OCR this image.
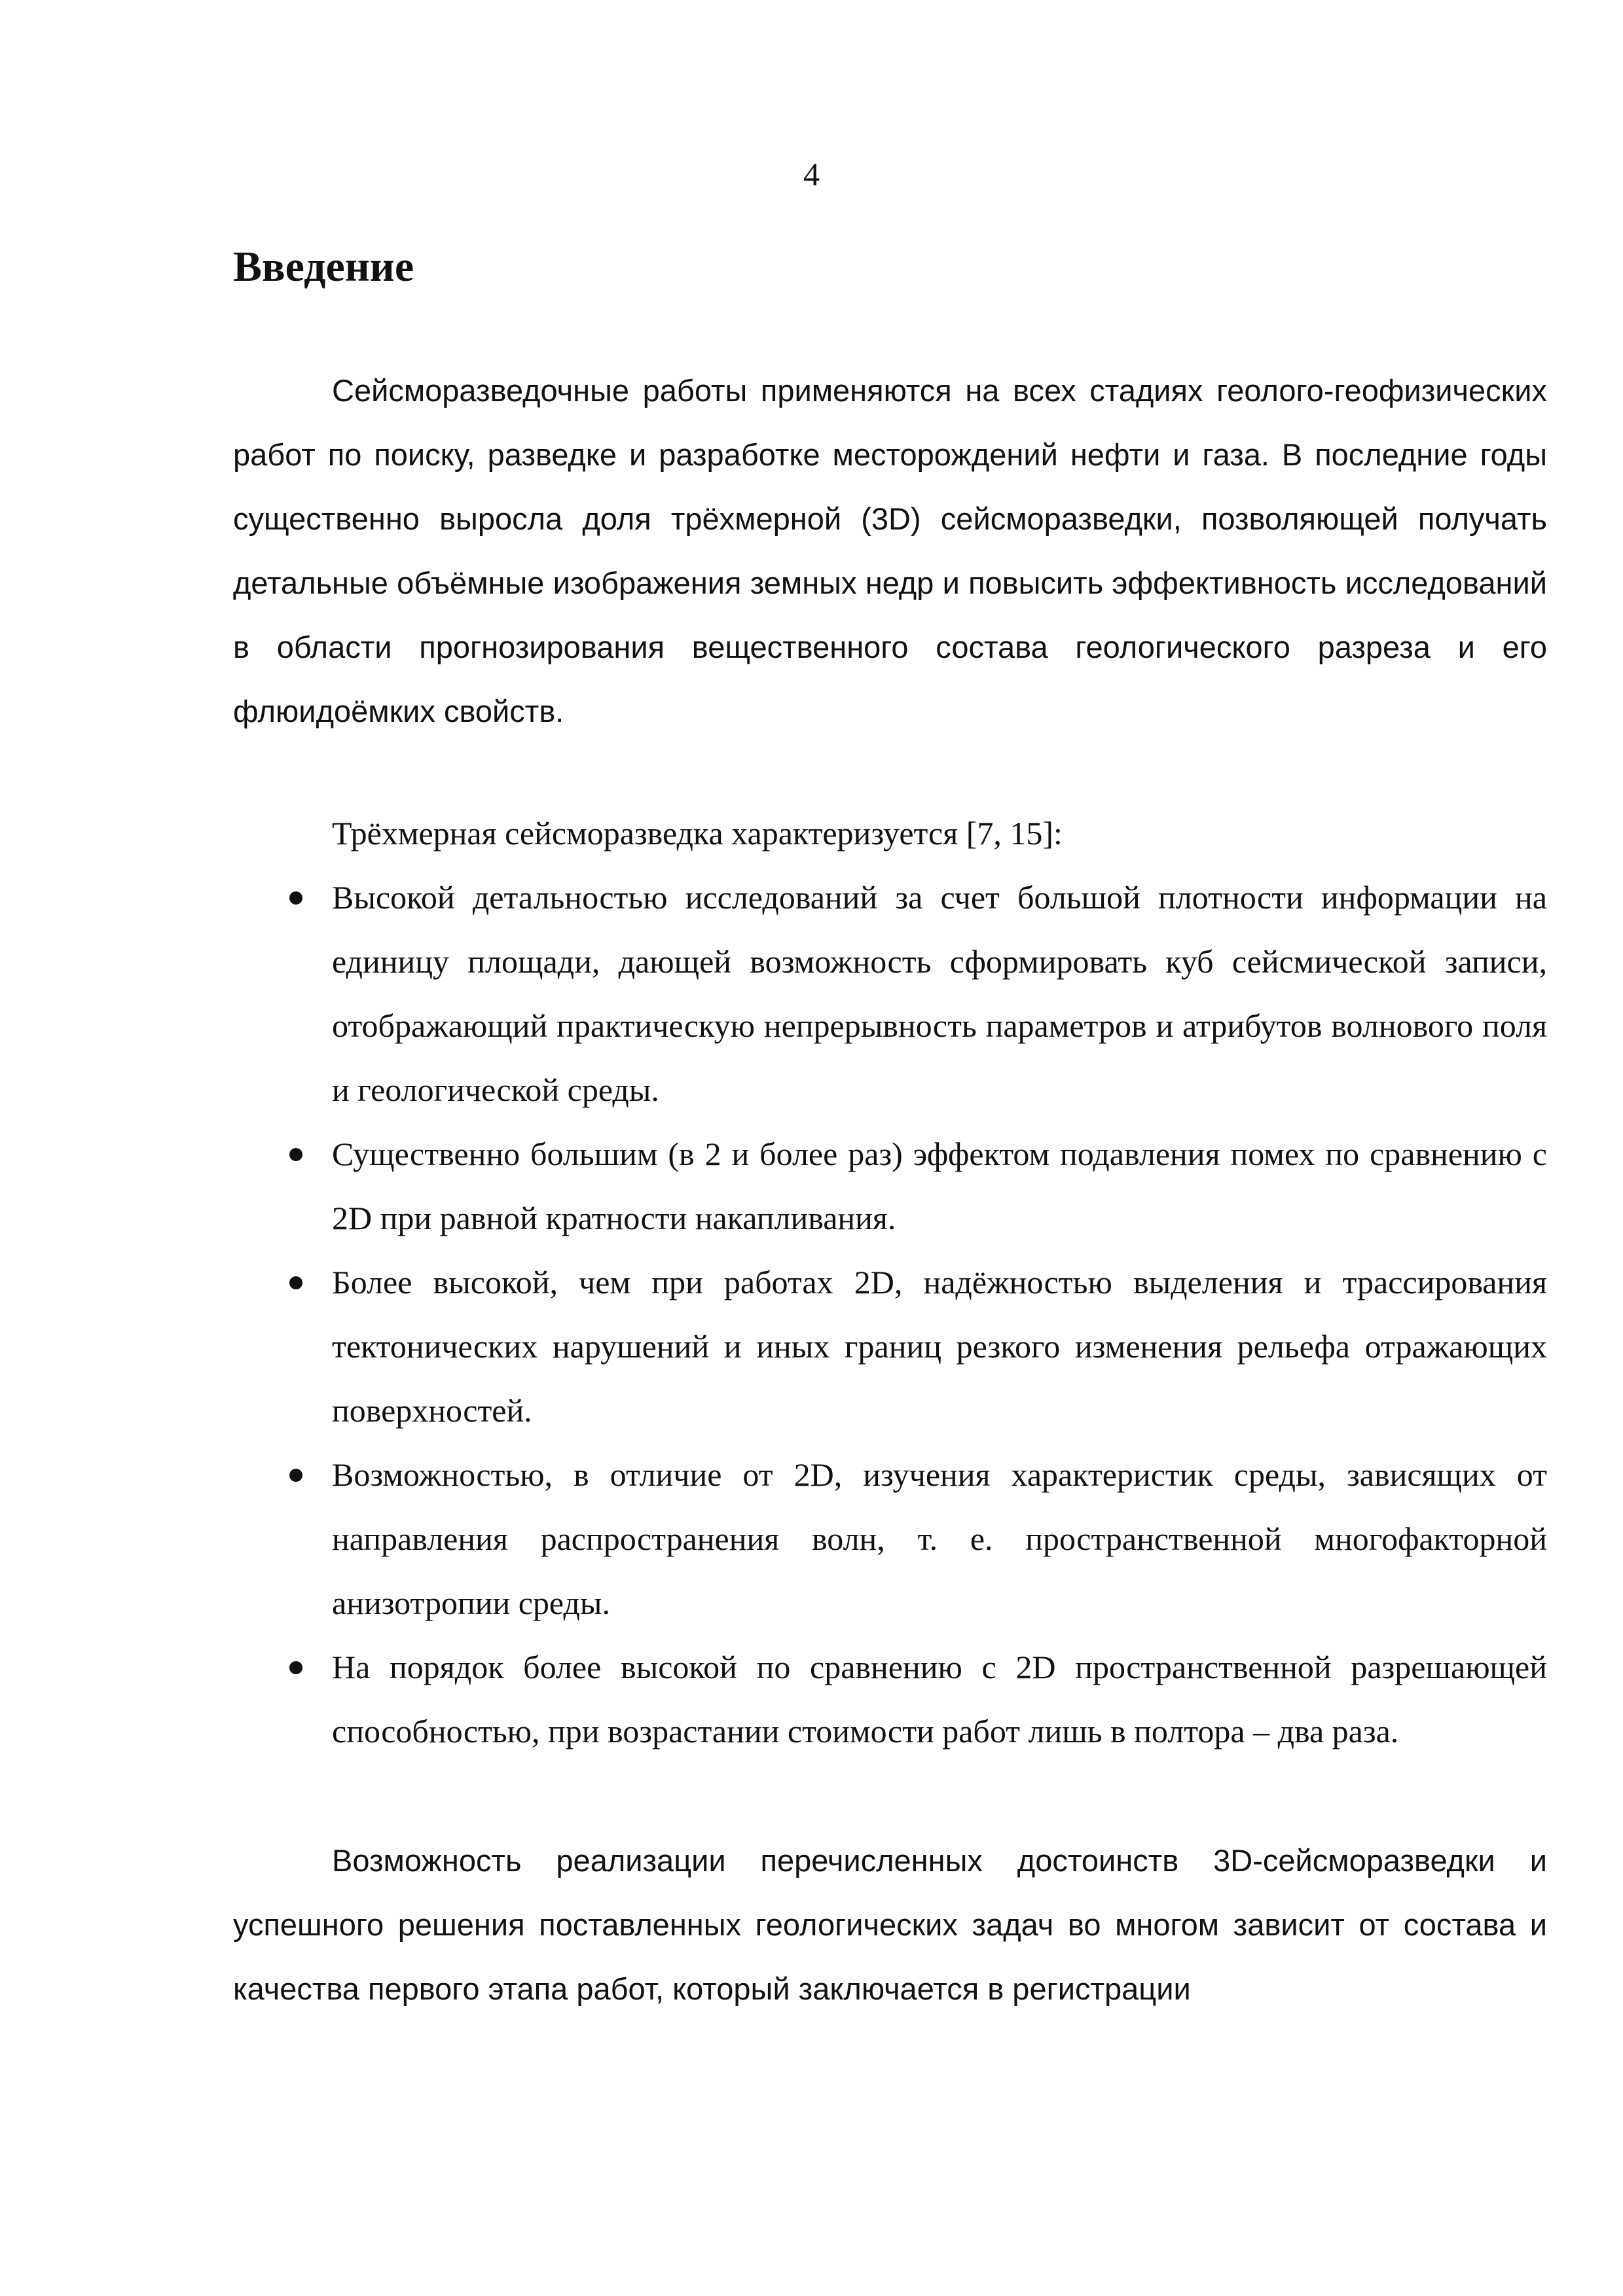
4
Введение

Сейсморазведочные работы применяются на всех стадиях геолого-геофизических работ по поиску, разведке и разработке месторождений нефти и газа. В последние годы существенно выросла доля трёхмерной (3D) сейсморазведки, позволяющей получать детальные объёмные изображения земных недр и повысить эффективность исследований в области прогнозирования вещественного состава геологического разреза и его флюидоёмких свойств.

Трёхмерная сейсморазведка характеризуется [7, 15]:

Высокой детальностью исследований за счет большой плотности информации на единицу площади, дающей возможность сформировать куб сейсмической записи, отображающий практическую непрерывность параметров и атрибутов волнового поля и геологической среды.
Существенно большим (в 2 и более раз) эффектом подавления помех по сравнению с 2D при равной кратности накапливания.
Более высокой, чем при работах 2D, надёжностью выделения и трассирования тектонических нарушений и иных границ резкого изменения рельефа отражающих поверхностей.
Возможностью, в отличие от 2D, изучения характеристик среды, зависящих от направления распространения волн, т. е. пространственной многофакторной анизотропии среды.
На порядок более высокой по сравнению с 2D пространственной разрешающей способностью, при возрастании стоимости работ лишь в полтора – два раза.

Возможность реализации перечисленных достоинств 3D-сейсморазведки и успешного решения поставленных геологических задач во многом зависит от состава и качества первого этапа работ, который заключается в регистрации
